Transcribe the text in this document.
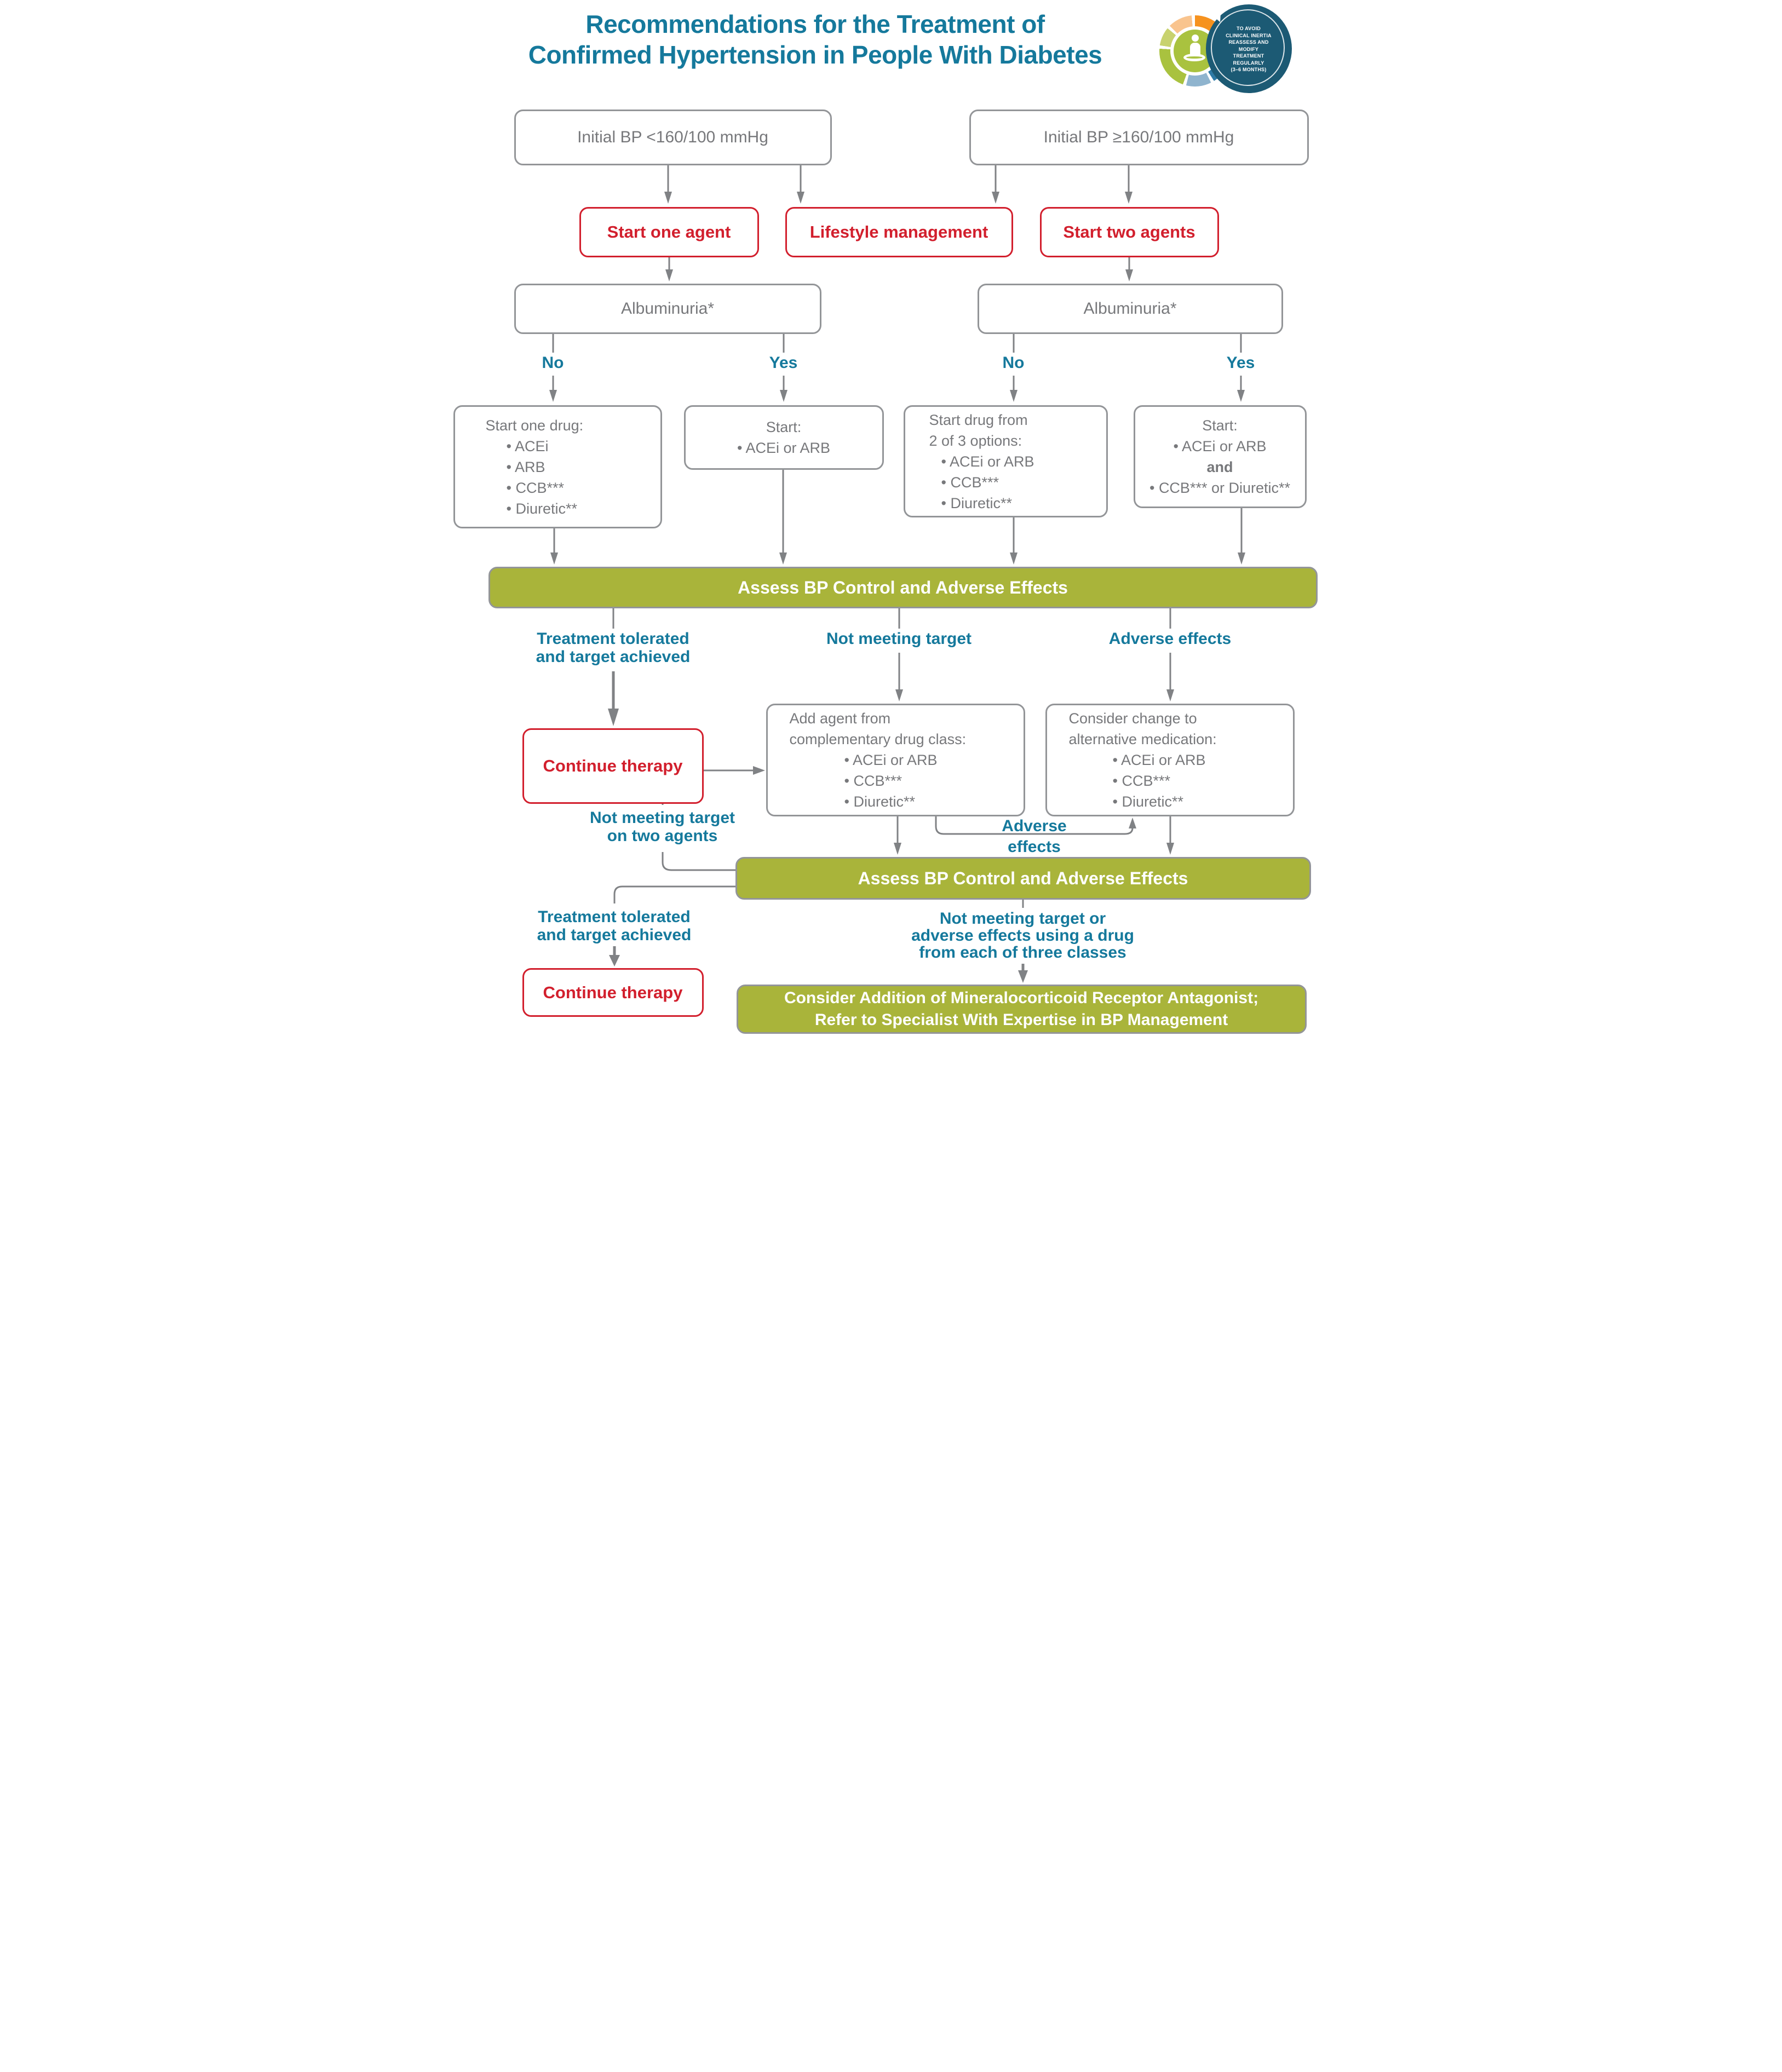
Recommendations for the Treatment of
Confirmed Hypertension in People With Diabetes
TO AVOID
CLINICAL INERTIA
REASSESS AND
MODIFY
TREATMENT
REGULARLY
(3–6 MONTHS)
Initial BP <160/100 mmHg	Initial BP ≥160/100 mmHg
Start one agent	Lifestyle management	Start two agents
Albuminuria*	Albuminuria*
No	Yes	No	Yes
Start one drug:
• ACEi
• ARB
• CCB***
• Diuretic**
Start:
• ACEi or ARB
Start drug from
2 of 3 options:
• ACEi or ARB
• CCB***
• Diuretic**
Start:
• ACEi or ARB
and
• CCB*** or Diuretic**
Assess BP Control and Adverse Effects
Treatment tolerated
and target achieved
Not meeting target	Adverse effects
Continue therapy
Add agent from
complementary drug class:
• ACEi or ARB
• CCB***
• Diuretic**
Consider change to
alternative medication:
• ACEi or ARB
• CCB***
• Diuretic**
Not meeting target
on two agents
Adverse
effects
Assess BP Control and Adverse Effects
Treatment tolerated
and target achieved
Continue therapy
Not meeting target or
adverse effects using a drug
from each of three classes
Consider Addition of Mineralocorticoid Receptor Antagonist;
Refer to Specialist With Expertise in BP Management
